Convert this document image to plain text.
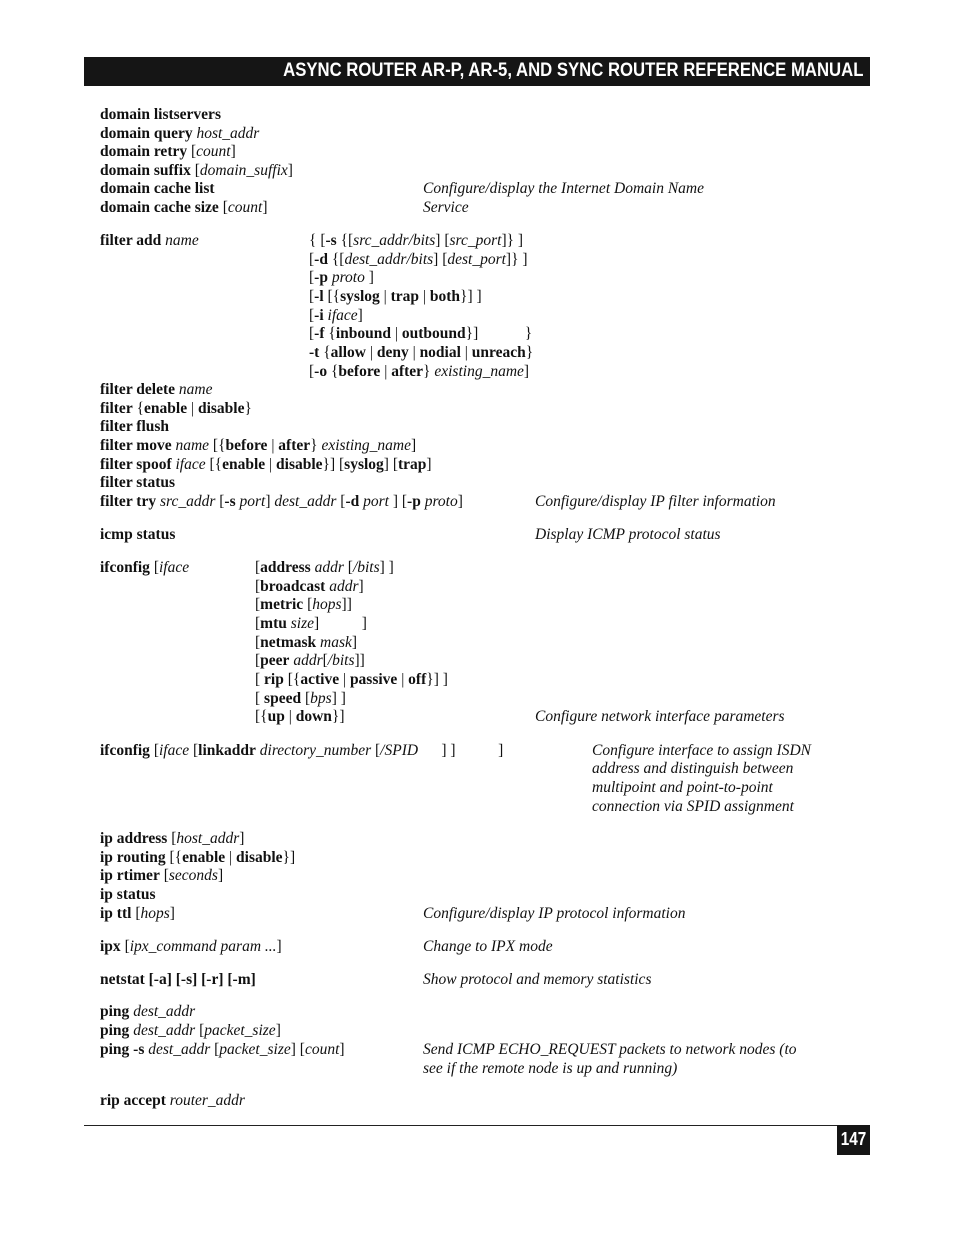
ASYNC ROUTER AR-P, AR-5, AND SYNC ROUTER REFERENCE MANUAL
domain listservers
domain query host_addr
domain retry [count]
domain suffix [domain_suffix]
domain cache list
domain cache size [count]
filter add name	{ [-s {[src_addr/bits] [src_port]} ]
[-d {[dest_addr/bits] [dest_port]} ]
[-p proto ]
[-l [{syslog | trap | both}] ]
[-i iface]
[-f {inbound | outbound}]            }
-t {allow | deny | nodial | unreach}
[-o {before | after} existing_name]
filter delete name
filter {enable | disable}
filter flush
filter move name [{before | after} existing_name]
filter spoof iface [{enable | disable}] [syslog] [trap]
filter status
filter try src_addr [-s port] dest_addr [-d port ] [-p proto]
icmp status
ifconfig [iface	[address addr [/bits] ]
[broadcast addr]
[metric [hops]]
[mtu size]           ]
[netmask mask]
[peer addr[/bits]]
[ rip [{active | passive | off}] ]
[ speed [bps] ]
[{up | down}]
ifconfig [iface [linkaddr directory_number [/SPID      ] ]           ]
ip address [host_addr]
ip routing [{enable | disable}]
ip rtimer [seconds]
ip status
ip ttl [hops]
ipx [ipx_command param ...]
netstat [-a] [-s] [-r] [-m]
ping dest_addr
ping dest_addr [packet_size]
ping -s dest_addr [packet_size] [count]
rip accept router_addr
Configure/display the Internet Domain Name
Service
Configure/display IP filter information
Display ICMP protocol status
Configure network interface parameters
Configure interface to assign ISDN
address and distinguish between
multipoint and point-to-point
connection via SPID assignment
Configure/display IP protocol information
Change to IPX mode
Show protocol and memory statistics
Send ICMP ECHO_REQUEST packets to network nodes (to
see if the remote node is up and running)
147
